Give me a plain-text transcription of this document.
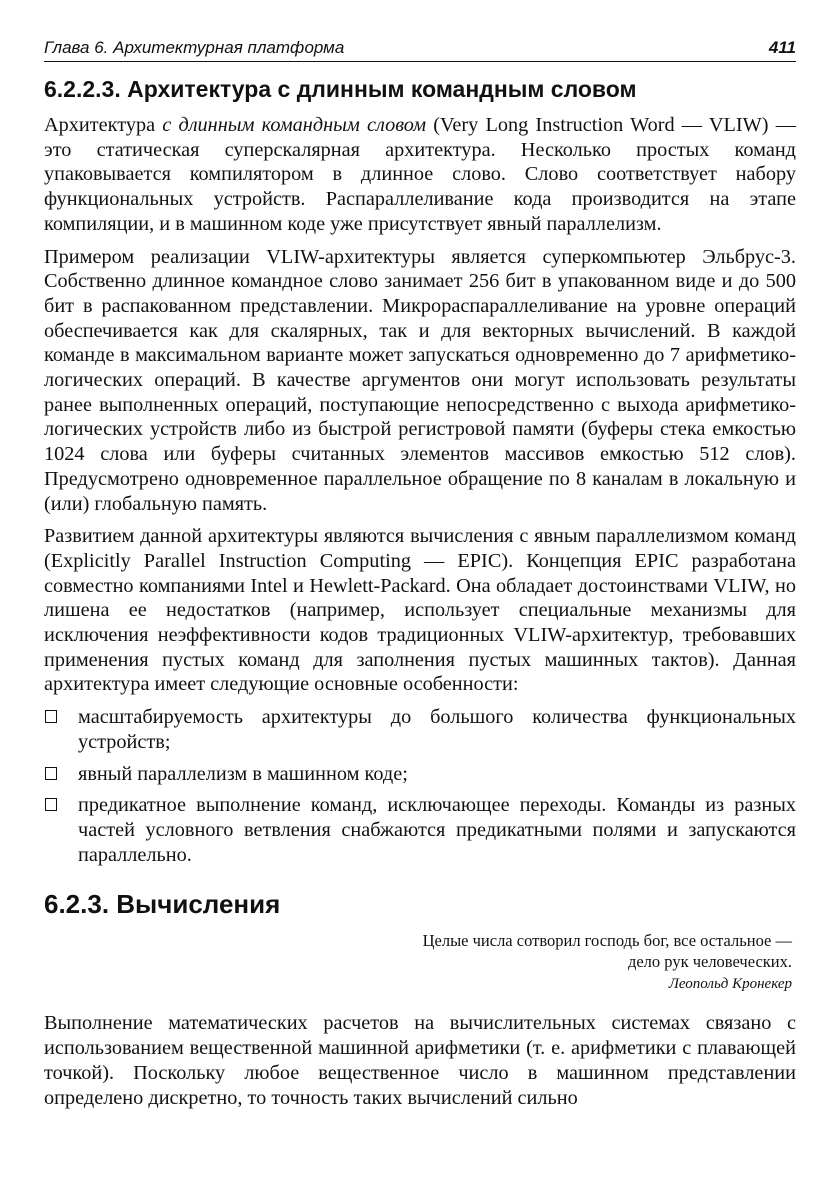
Глава 6. Архитектурная платформа	411
6.2.2.3. Архитектура с длинным командным словом

Архитектура с длинным командным словом (Very Long Instruction Word — VLIW) — это статическая суперскалярная архитектура. Несколько простых команд упаковывается компилятором в длинное слово. Слово соответствует набору функциональных устройств. Распараллеливание кода производится на этапе компиляции, и в машинном коде уже присутствует явный параллелизм.

Примером реализации VLIW-архитектуры является суперкомпьютер Эльбрус-3. Собственно длинное командное слово занимает 256 бит в упакованном виде и до 500 бит в распакованном представлении. Микрораспараллеливание на уровне операций обеспечивается как для скалярных, так и для векторных вычислений. В каждой команде в максимальном варианте может запускаться одновременно до 7 арифметико-логических операций. В качестве аргументов они могут использовать результаты ранее выполненных операций, поступающие непосредственно с выхода арифметико-логических устройств либо из быстрой регистровой памяти (буферы стека емкостью 1024 слова или буферы считанных элементов массивов емкостью 512 слов). Предусмотрено одновременное параллельное обращение по 8 каналам в локальную и (или) глобальную память.

Развитием данной архитектуры являются вычисления с явным параллелизмом команд (Explicitly Parallel Instruction Computing — EPIC). Концепция EPIC разработана совместно компаниями Intel и Hewlett-Packard. Она обладает достоинствами VLIW, но лишена ее недостатков (например, использует специальные механизмы для исключения неэффективности кодов традиционных VLIW-архитектур, требовавших применения пустых команд для заполнения пустых машинных тактов). Данная архитектура имеет следующие основные особенности:

масштабируемость архитектуры до большого количества функциональных устройств;
явный параллелизм в машинном коде;
предикатное выполнение команд, исключающее переходы. Команды из разных частей условного ветвления снабжаются предикатными полями и запускаются параллельно.
6.2.3. Вычисления
Целые числа сотворил господь бог, все остальное —
дело рук человеческих.
Леопольд Кронекер

Выполнение математических расчетов на вычислительных системах связано с использованием вещественной машинной арифметики (т. е. арифметики с плавающей точкой). Поскольку любое вещественное число в машинном представлении определено дискретно, то точность таких вычислений сильно
